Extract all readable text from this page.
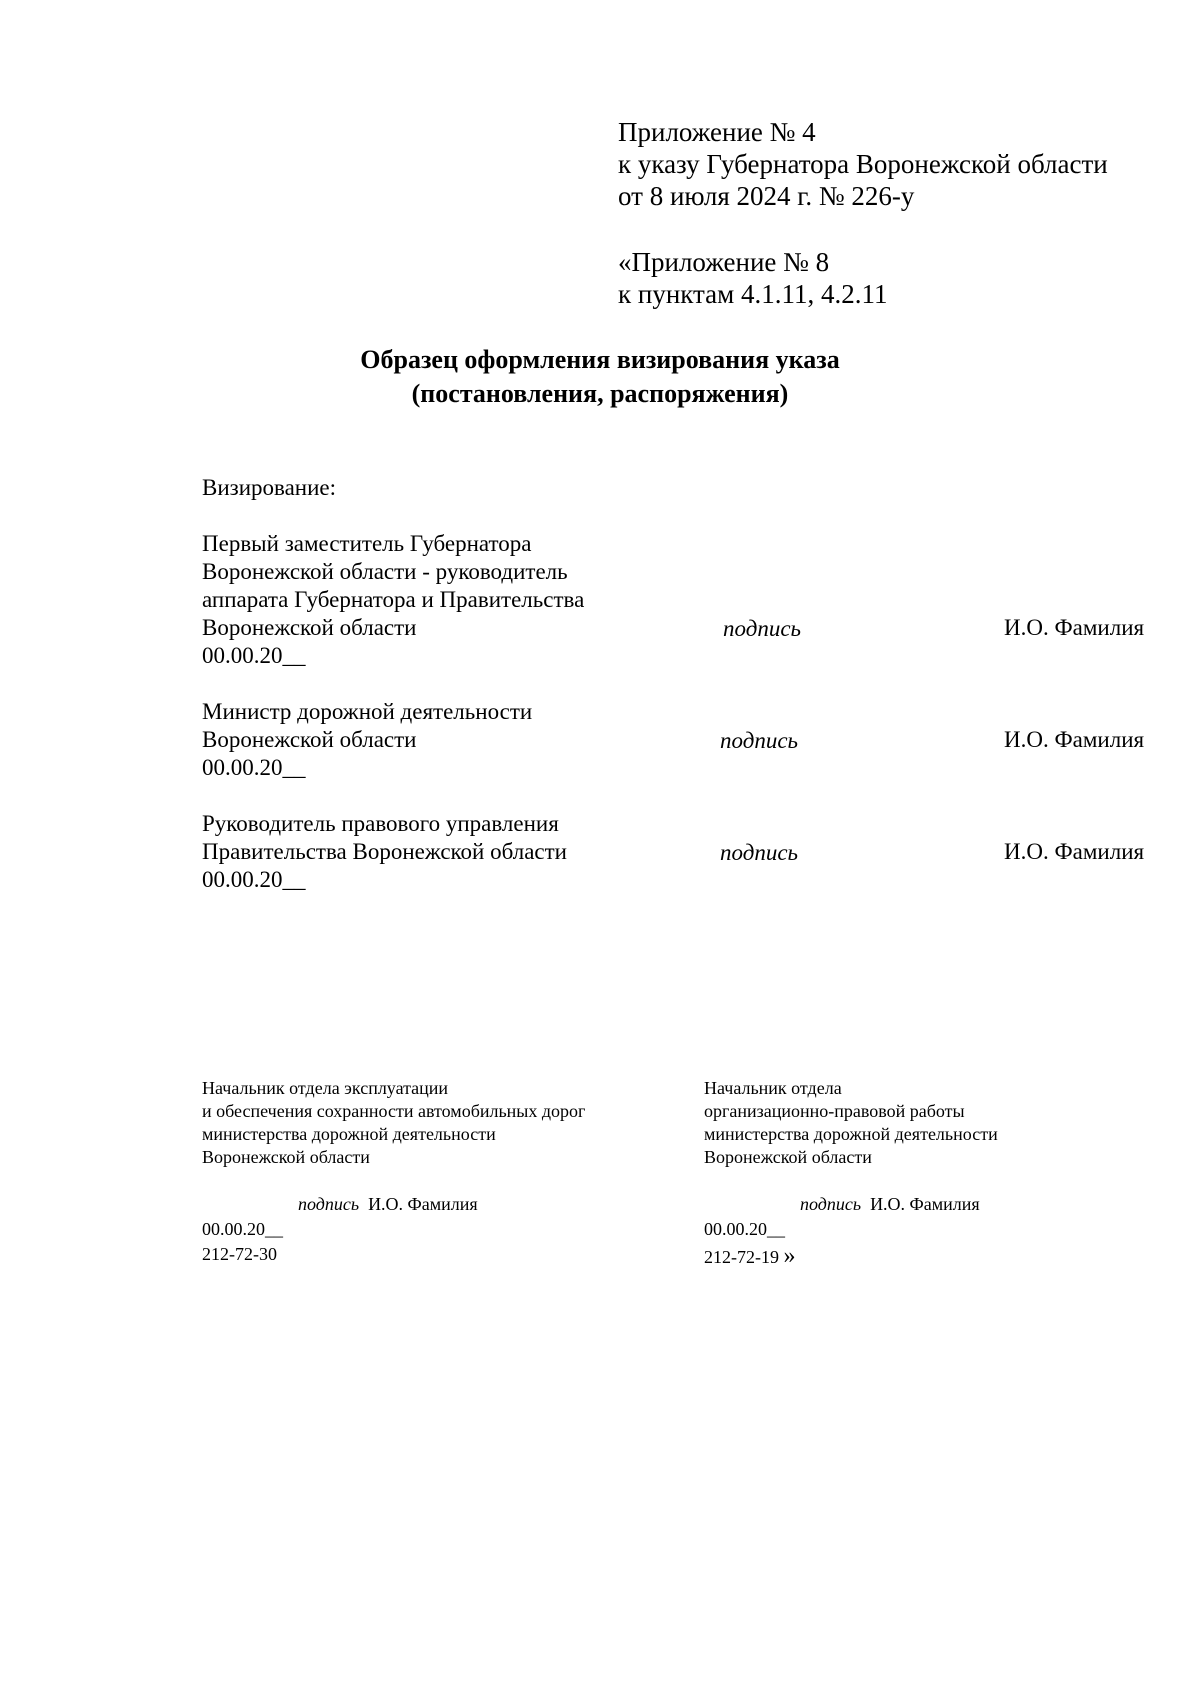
Приложение № 4
к указу Губернатора Воронежской области
от 8 июля 2024 г. № 226-у
«Приложение № 8
к пунктам 4.1.11, 4.2.11
Образец оформления визирования указа
(постановления, распоряжения)
Визирование:
Первый заместитель Губернатора
Воронежской области - руководитель
аппарата Губернатора и Правительства
Воронежской области
00.00.20__
подпись	И.О. Фамилия
Министр дорожной деятельности
Воронежской области
00.00.20__
подпись	И.О. Фамилия
Руководитель правового управления
Правительства Воронежской области
00.00.20__
подпись	И.О. Фамилия
Начальник отдела эксплуатации
и обеспечения сохранности автомобильных дорог
министерства дорожной деятельности
Воронежской области
подпись И.О. Фамилия
00.00.20__
212-72-30
Начальник отдела
организационно-правовой работы
министерства дорожной деятельности
Воронежской области
подпись И.О. Фамилия
00.00.20__
212-72-19 »
